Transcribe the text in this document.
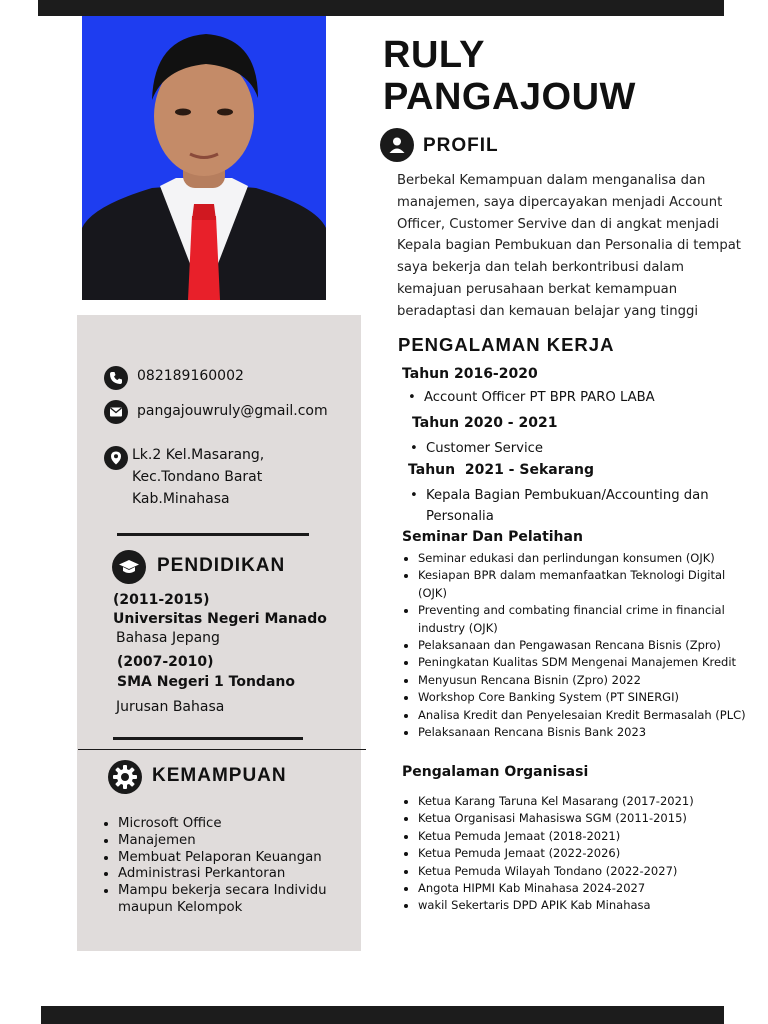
RULY
PANGAJOUW
PROFIL
Berbekal Kemampuan dalam menganalisa dan manajemen, saya dipercayakan menjadi Account Officer, Customer Servive dan di angkat menjadi Kepala bagian Pembukuan dan Personalia di tempat saya bekerja dan telah berkontribusi dalam kemajuan perusahaan berkat kemampuan beradaptasi dan kemauan belajar yang tinggi
082189160002
pangajouwruly@gmail.com
Lk.2 Kel.Masarang,
Kec.Tondano Barat
Kab.Minahasa
PENDIDIKAN
(2011-2015)
Universitas Negeri Manado
Bahasa Jepang
(2007-2010)
SMA Negeri 1 Tondano
Jurusan Bahasa
KEMAMPUAN
• Microsoft Office
• Manajemen
• Membuat Pelaporan Keuangan
• Administrasi Perkantoran
• Mampu bekerja secara Individu maupun Kelompok
PENGALAMAN KERJA
Tahun 2016-2020
• Account Officer PT BPR PARO LABA
Tahun 2020 - 2021
• Customer Service
Tahun  2021 - Sekarang
• Kepala Bagian Pembukuan/Accounting dan Personalia
Seminar Dan Pelatihan
• Seminar edukasi dan perlindungan konsumen (OJK)
• Kesiapan BPR dalam memanfaatkan Teknologi Digital (OJK)
• Preventing and combating financial crime in financial industry (OJK)
• Pelaksanaan dan Pengawasan Rencana Bisnis (Zpro)
• Peningkatan Kualitas SDM Mengenai Manajemen Kredit
• Menyusun Rencana Bisnin (Zpro) 2022
• Workshop Core Banking System (PT SINERGI)
• Analisa Kredit dan Penyelesaian Kredit Bermasalah (PLC)
• Pelaksanaan Rencana Bisnis Bank 2023
Pengalaman Organisasi
• Ketua Karang Taruna Kel Masarang (2017-2021)
• Ketua Organisasi Mahasiswa SGM (2011-2015)
• Ketua Pemuda Jemaat (2018-2021)
• Ketua Pemuda Jemaat (2022-2026)
• Ketua Pemuda Wilayah Tondano (2022-2027)
• Angota HIPMI Kab Minahasa 2024-2027
• wakil Sekertaris DPD APIK Kab Minahasa
